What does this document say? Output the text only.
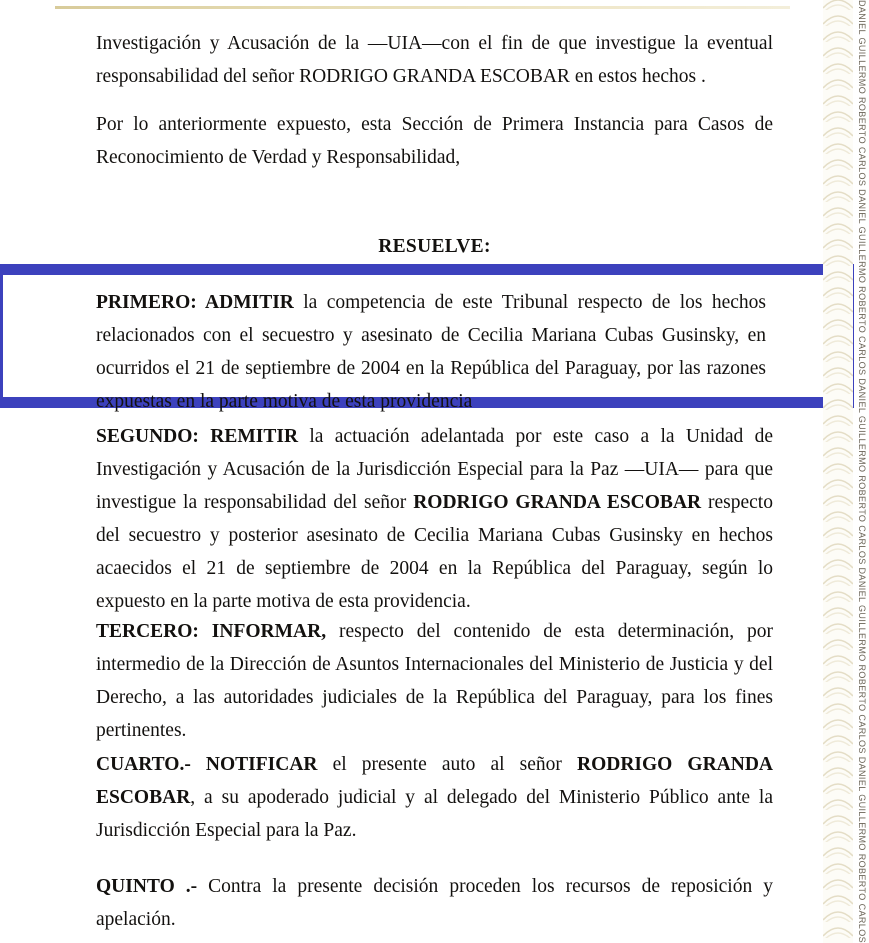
Investigación y Acusación de la —UIA—con el fin de que investigue la eventual responsabilidad del señor RODRIGO GRANDA ESCOBAR en estos hechos .

Por lo anteriormente expuesto, esta Sección de Primera Instancia para Casos de Reconocimiento de Verdad y Responsabilidad,

RESUELVE:

PRIMERO: ADMITIR la competencia de este Tribunal respecto de los hechos relacionados con el secuestro y asesinato de Cecilia Mariana Cubas Gusinsky, en ocurridos el 21 de septiembre de 2004 en la República del Paraguay, por las razones expuestas en la parte motiva de esta providencia

SEGUNDO: REMITIR la actuación adelantada por este caso a la Unidad de Investigación y Acusación de la Jurisdicción Especial para la Paz —UIA— para que investigue la responsabilidad del señor RODRIGO GRANDA ESCOBAR respecto del secuestro y posterior asesinato de Cecilia Mariana Cubas Gusinsky en hechos acaecidos el 21 de septiembre de 2004 en la República del Paraguay, según lo expuesto en la parte motiva de esta providencia.

TERCERO: INFORMAR, respecto del contenido de esta determinación, por intermedio de la Dirección de Asuntos Internacionales del Ministerio de Justicia y del Derecho, a las autoridades judiciales de la República del Paraguay, para los fines pertinentes.

CUARTO.- NOTIFICAR el presente auto al señor RODRIGO GRANDA ESCOBAR, a su apoderado judicial y al delegado del Ministerio Público ante la Jurisdicción Especial para la Paz.

QUINTO .- Contra la presente decisión proceden los recursos de reposición y apelación.	DANIEL GUILLERMO ROBERTO CARLOS DANIEL GUILLERMO ROBERTO CARLOS DANIEL GUILLERMO ROBERTO CARLOS DANIEL GUILLERMO ROBERTO CARLOS DANIEL GUILLERMO ROBERTO CARLOS
